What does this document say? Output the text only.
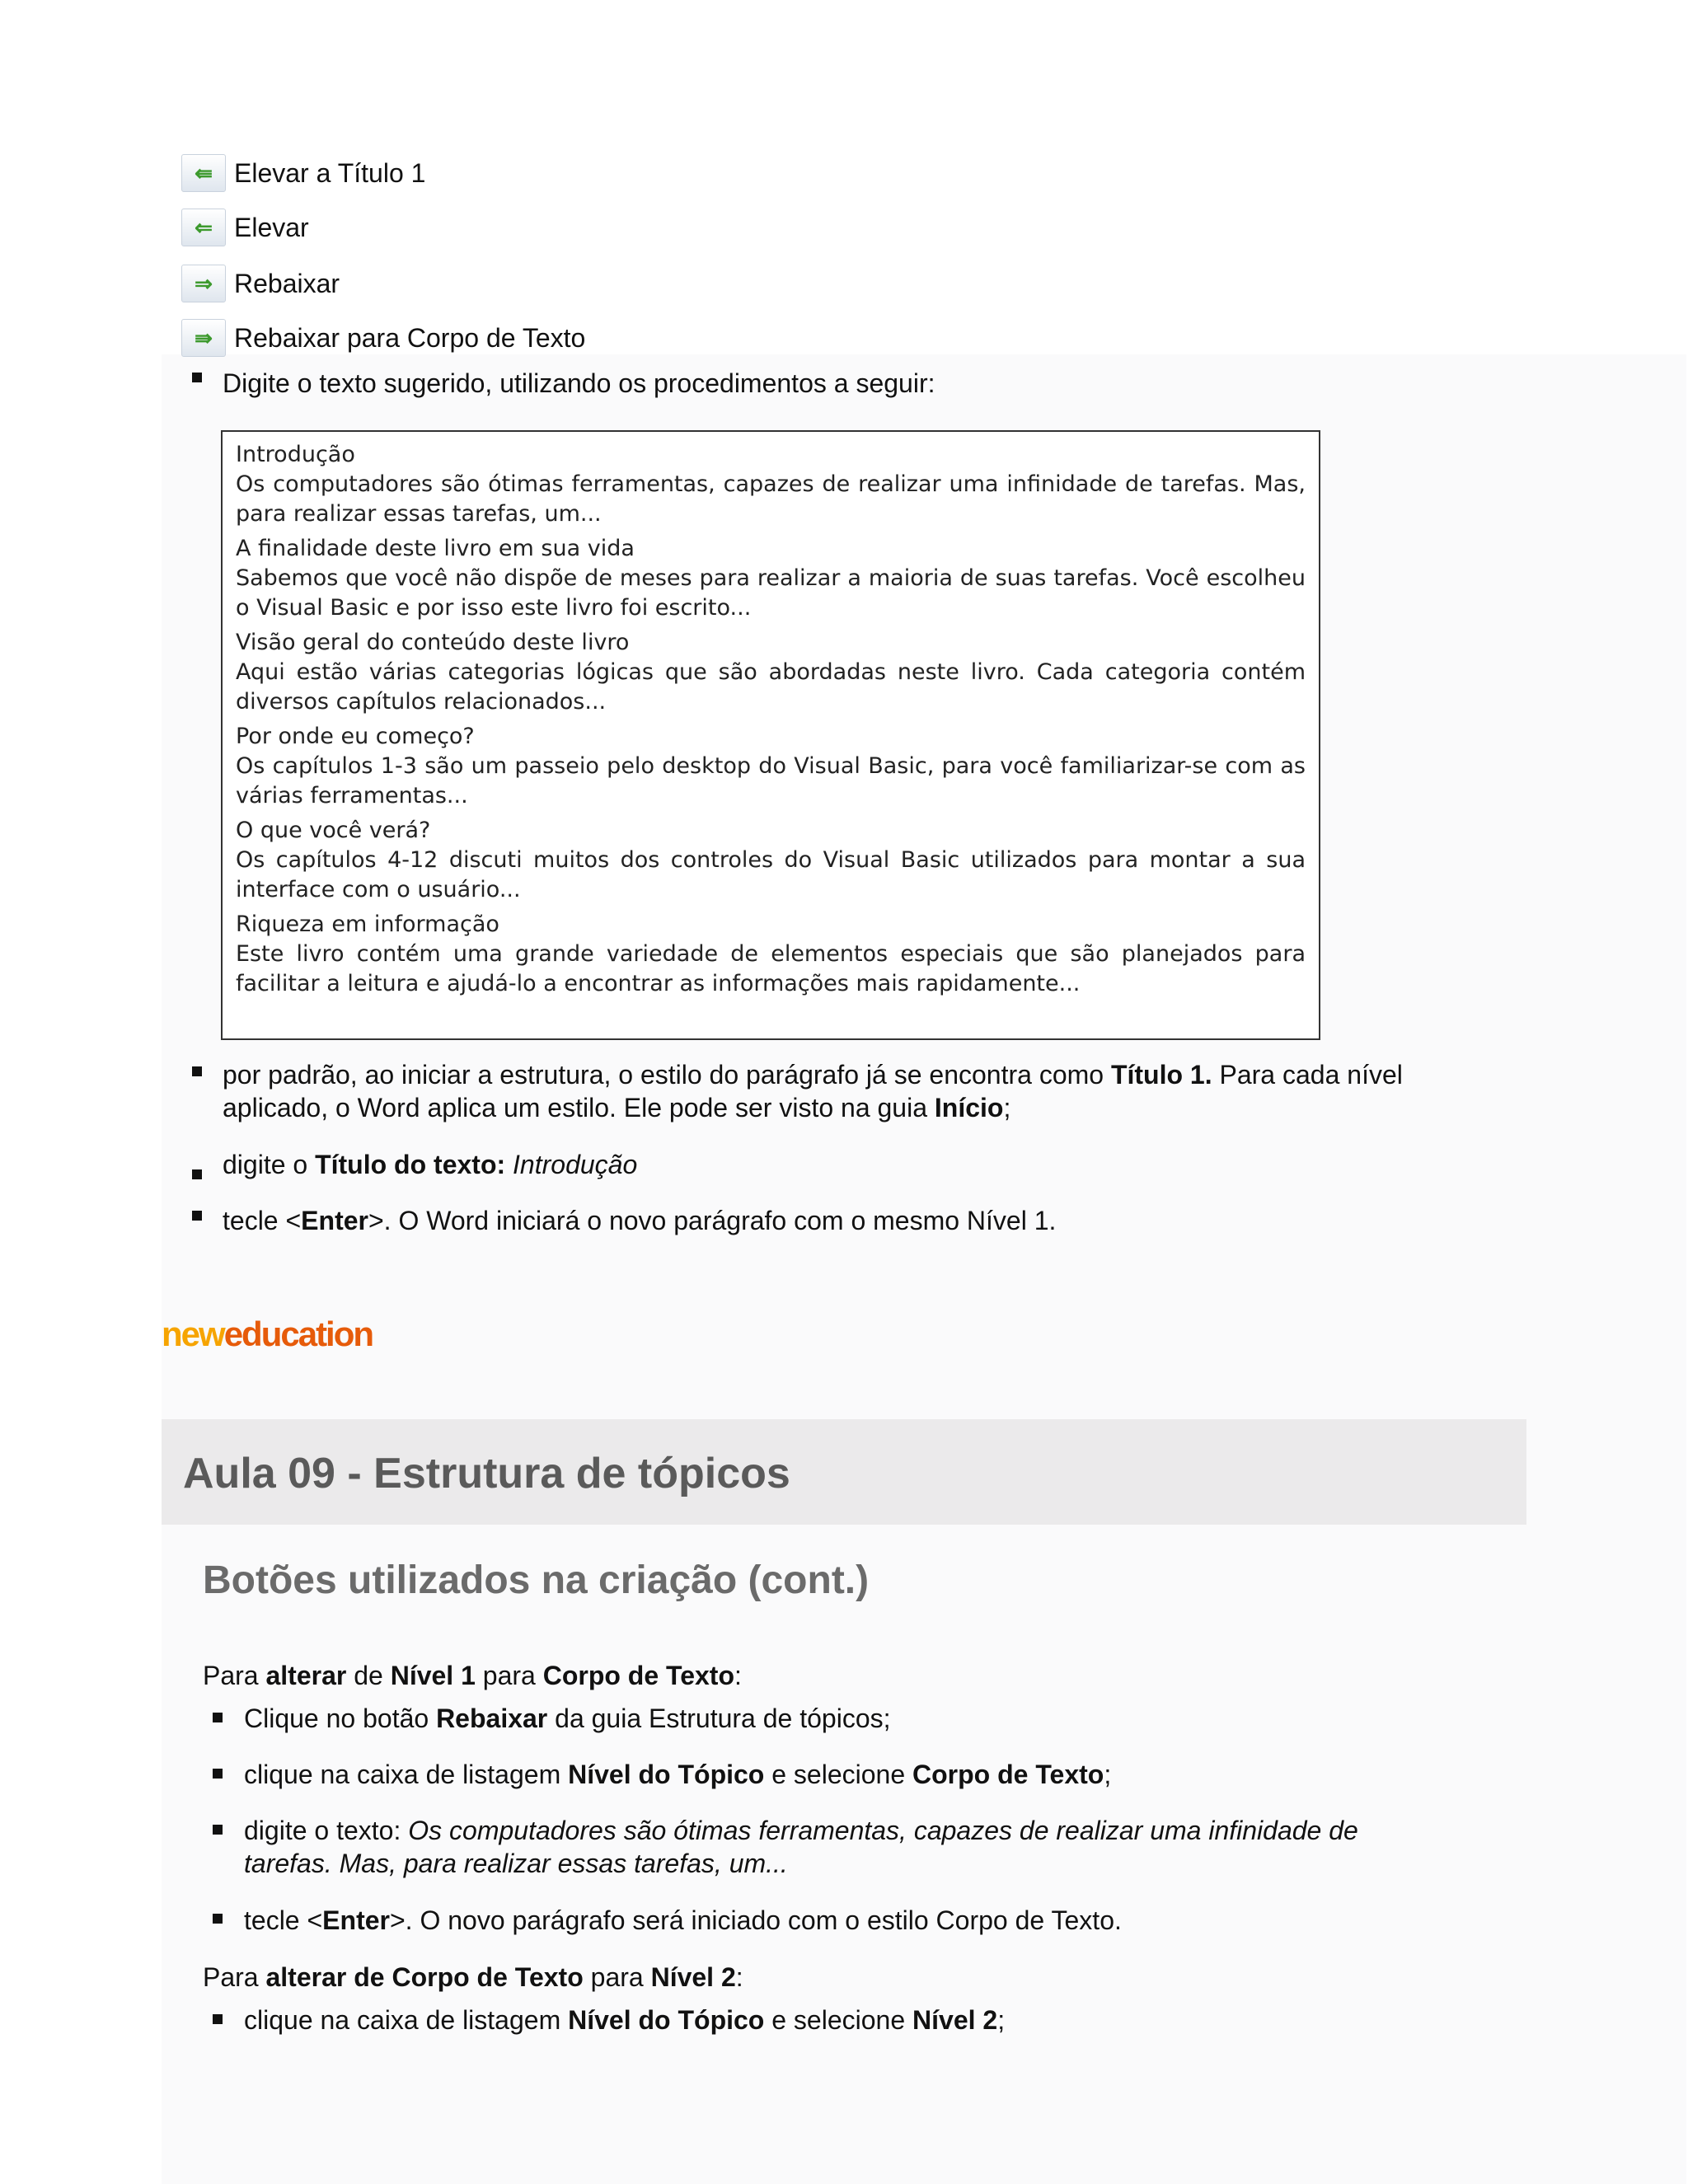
⇚ Elevar a Título 1
⇐ Elevar
⇒ Rebaixar
⇛ Rebaixar para Corpo de Texto
Digite o texto sugerido, utilizando os procedimentos a seguir:
Introdução
Os computadores são ótimas ferramentas, capazes de realizar uma infinidade de tarefas. Mas, para realizar essas tarefas, um...
A finalidade deste livro em sua vida
Sabemos que você não dispõe de meses para realizar a maioria de suas tarefas. Você escolheu o Visual Basic e por isso este livro foi escrito...
Visão geral do conteúdo deste livro
Aqui estão várias categorias lógicas que são abordadas neste livro. Cada categoria contém diversos capítulos relacionados...
Por onde eu começo?
Os capítulos 1-3 são um passeio pelo desktop do Visual Basic, para você familiarizar-se com as várias ferramentas...
O que você verá?
Os capítulos 4-12 discuti muitos dos controles do Visual Basic utilizados para montar a sua interface com o usuário...
Riqueza em informação
Este livro contém uma grande variedade de elementos especiais que são planejados para facilitar a leitura e ajudá-lo a encontrar as informações mais rapidamente...
por padrão, ao iniciar a estrutura, o estilo do parágrafo já se encontra como Título 1. Para cada nível
aplicado, o Word aplica um estilo. Ele pode ser visto na guia Início;
digite o Título do texto: Introdução
tecle <Enter>. O Word iniciará o novo parágrafo com o mesmo Nível 1.
neweducation
Aula 09 - Estrutura de tópicos
Botões utilizados na criação (cont.)
Para alterar de Nível 1 para Corpo de Texto:
Clique no botão Rebaixar da guia Estrutura de tópicos;
clique na caixa de listagem Nível do Tópico e selecione Corpo de Texto;
digite o texto: Os computadores são ótimas ferramentas, capazes de realizar uma infinidade de
tarefas. Mas, para realizar essas tarefas, um...
tecle <Enter>. O novo parágrafo será iniciado com o estilo Corpo de Texto.
Para alterar de Corpo de Texto para Nível 2:
clique na caixa de listagem Nível do Tópico e selecione Nível 2;
